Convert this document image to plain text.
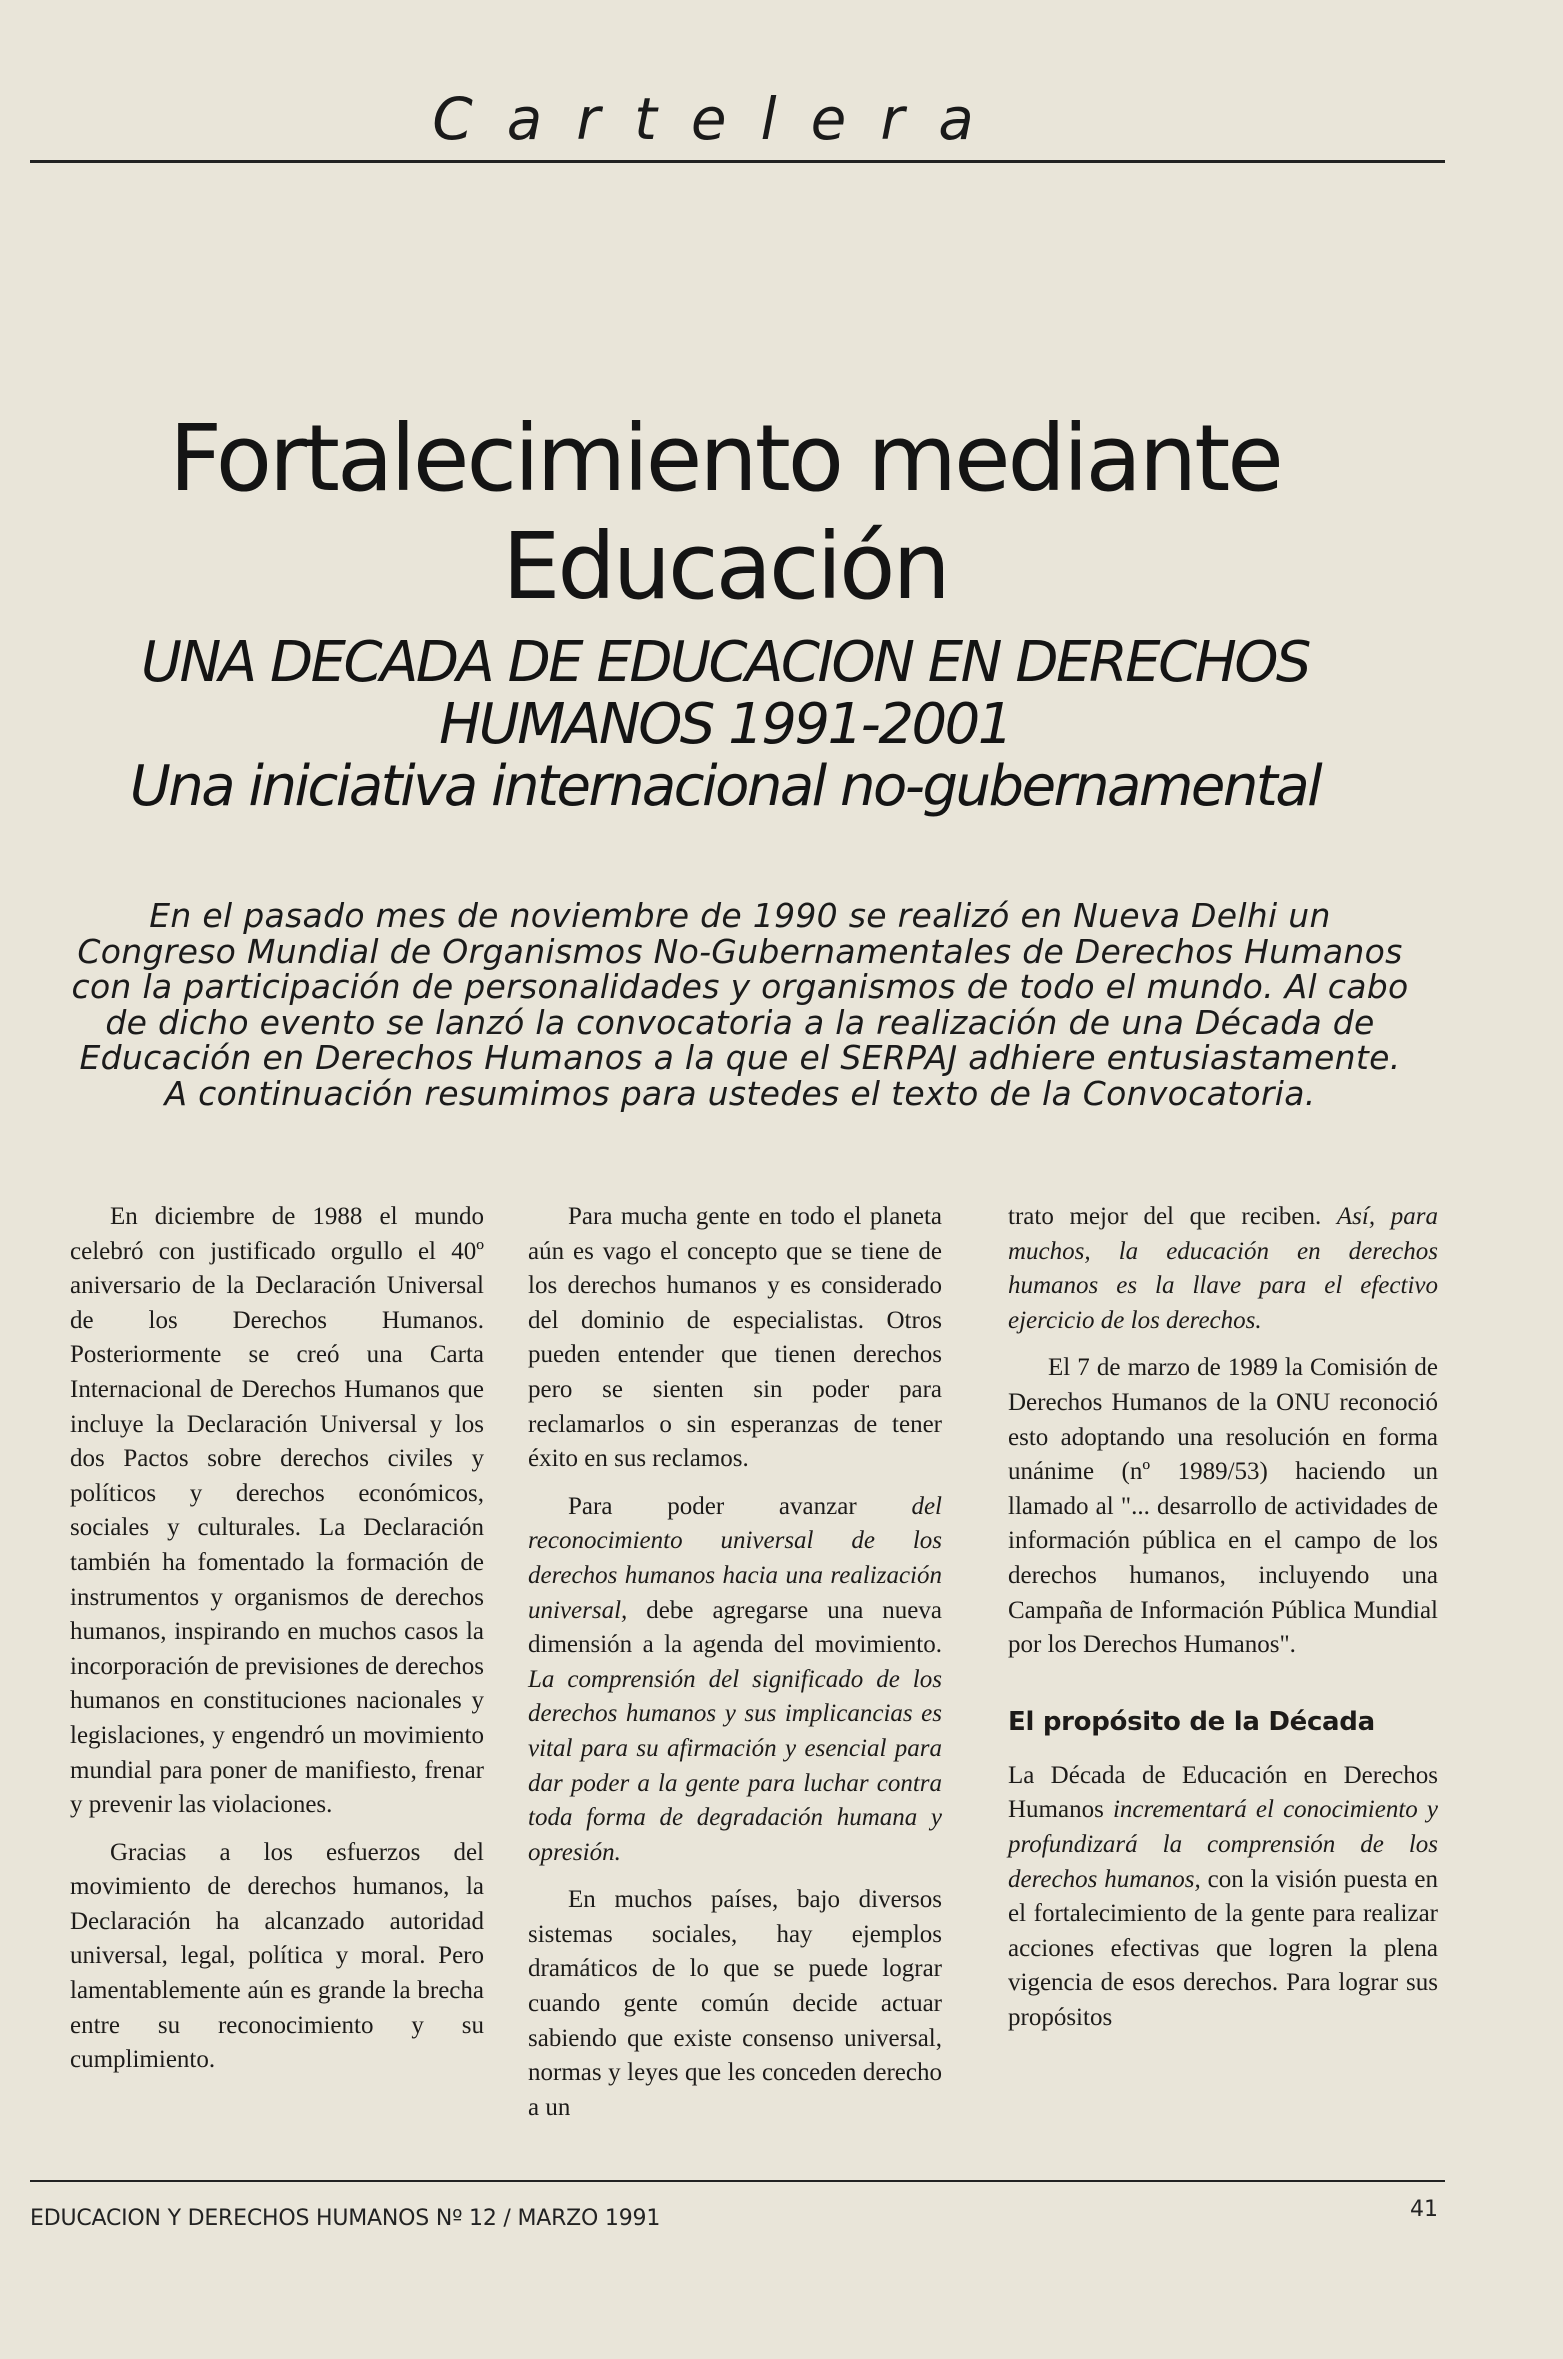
Cartelera
Fortalecimiento mediante
Educación
UNA DECADA DE EDUCACION EN DERECHOS
HUMANOS 1991-2001
Una iniciativa internacional no-gubernamental
En el pasado mes de noviembre de 1990 se realizó en Nueva Delhi un Congreso Mundial de Organismos No-Gubernamentales de Derechos Humanos con la participación de personalidades y organismos de todo el mundo. Al cabo de dicho evento se lanzó la convocatoria a la realización de una Década de Educación en Derechos Humanos a la que el SERPAJ adhiere entusiastamente. A continuación resumimos para ustedes el texto de la Convocatoria.

En diciembre de 1988 el mundo celebró con justificado orgullo el 40º aniversario de la Declaración Universal de los Derechos Humanos. Posteriormente se creó una Carta Internacional de Derechos Humanos que incluye la Declaración Universal y los dos Pactos sobre derechos civiles y políticos y derechos económicos, sociales y culturales. La Declaración también ha fomentado la formación de instrumentos y organismos de derechos humanos, inspirando en muchos casos la incorporación de previsiones de derechos humanos en constituciones nacionales y legislaciones, y engendró un movimiento mundial para poner de manifiesto, frenar y prevenir las violaciones.

Gracias a los esfuerzos del movimiento de derechos humanos, la Declaración ha alcanzado autoridad universal, legal, política y moral. Pero lamentablemente aún es grande la brecha entre su reconocimiento y su cumplimiento.

Para mucha gente en todo el planeta aún es vago el concepto que se tiene de los derechos humanos y es considerado del dominio de especialistas. Otros pueden entender que tienen derechos pero se sienten sin poder para reclamarlos o sin esperanzas de tener éxito en sus reclamos.

Para poder avanzar del reconocimiento universal de los derechos humanos hacia una realización universal, debe agregarse una nueva dimensión a la agenda del movimiento. La comprensión del significado de los derechos humanos y sus implicancias es vital para su afirmación y esencial para dar poder a la gente para luchar contra toda forma de degradación humana y opresión.

En muchos países, bajo diversos sistemas sociales, hay ejemplos dramáticos de lo que se puede lograr cuando gente común decide actuar sabiendo que existe consenso universal, normas y leyes que les conceden derecho a un

trato mejor del que reciben. Así, para muchos, la educación en derechos humanos es la llave para el efectivo ejercicio de los derechos.

El 7 de marzo de 1989 la Comisión de Derechos Humanos de la ONU reconoció esto adoptando una resolución en forma unánime (nº 1989/53) haciendo un llamado al "... desarrollo de actividades de información pública en el campo de los derechos humanos, incluyendo una Campaña de Información Pública Mundial por los Derechos Humanos".

El propósito de la Década

La Década de Educación en Derechos Humanos incrementará el conocimiento y profundizará la comprensión de los derechos humanos, con la visión puesta en el fortalecimiento de la gente para realizar acciones efectivas que logren la plena vigencia de esos derechos. Para lograr sus propósitos

EDUCACION Y DERECHOS HUMANOS Nº 12 / MARZO 1991	41
